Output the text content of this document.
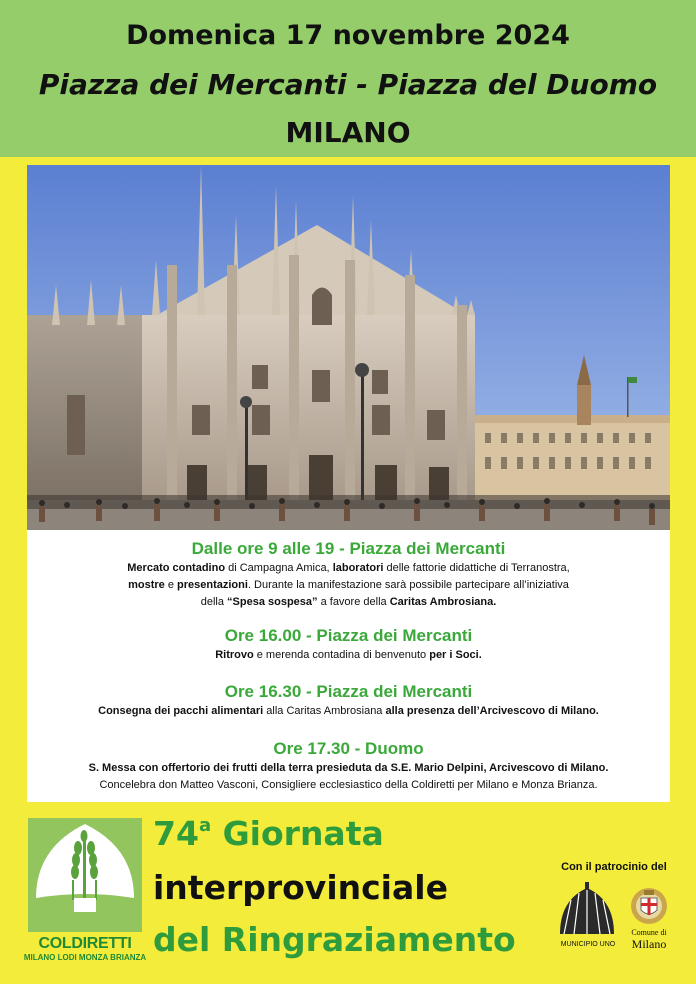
Domenica 17 novembre 2024
Piazza dei Mercanti - Piazza del Duomo
MILANO
Dalle ore 9 alle 19 - Piazza dei Mercanti
Mercato contadino di Campagna Amica, laboratori delle fattorie didattiche di Terranostra,
mostre e presentazioni. Durante la manifestazione sarà possibile partecipare all’iniziativa
della “Spesa sospesa” a favore della Caritas Ambrosiana.
Ore 16.00 - Piazza dei Mercanti
Ritrovo e merenda contadina di benvenuto per i Soci.
Ore 16.30 - Piazza dei Mercanti
Consegna dei pacchi alimentari alla Caritas Ambrosiana alla presenza dell’Arcivescovo di Milano.
Ore 17.30 - Duomo
S. Messa con offertorio dei frutti della terra presieduta da S.E. Mario Delpini, Arcivescovo di Milano.
Concelebra don Matteo Vasconi, Consigliere ecclesiastico della Coldiretti per Milano e Monza Brianza.
COLDIRETTI
MILANO LODI MONZA BRIANZA
74$^a$ Giornata
interprovinciale
del Ringraziamento
Con il patrocinio del
MUNICIPIO UNO
Comune di
Milano
